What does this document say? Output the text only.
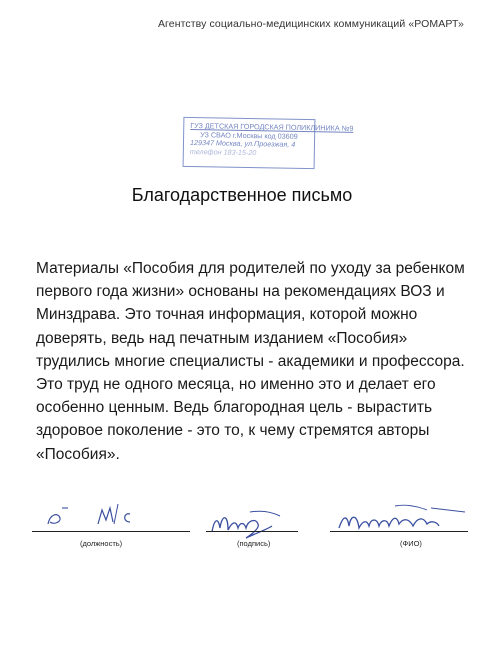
Агентству социально-медицинских коммуникаций «РОМАРТ»
ГУЗ ДЕТСКАЯ ГОРОДСКАЯ ПОЛИКЛИНИКА №9
УЗ СВАО г.Москвы код 03609
129347 Москва, ул.Проезжая, 4
телефон 183-15-20
Благодарственное письмо

Материалы «Пособия для родителей по уходу за ребенком первого года жизни» основаны на рекомендациях ВОЗ и Минздрава. Это точная информация, которой можно доверять, ведь над печатным изданием «Пособия» трудились многие специалисты - академики и профессора. Это труд не одного месяца, но именно это и делает его особенно ценным. Ведь благородная цель - вырастить здоровое поколение - это то, к чему стремятся авторы «Пособия».

(должность)	(подпись)	(ФИО)
